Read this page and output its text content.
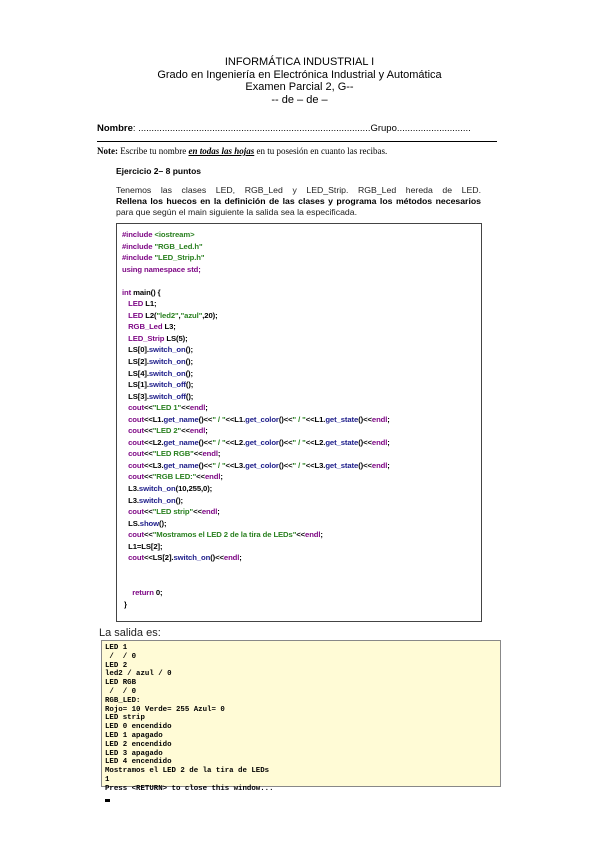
INFORMÁTICA INDUSTRIAL I
Grado en Ingeniería en Electrónica Industrial y Automática
Examen Parcial 2, G--
-- de – de –
Nombre: ........................................................................................Grupo............................
Note: Escribe tu nombre en todas las hojas en tu posesión en cuanto las recibas.
Ejercicio 2– 8 puntos
Tenemos las clases LED, RGB_Led y LED_Strip. RGB_Led hereda de LED.
Rellena los huecos en la definición de las clases y programa los métodos necesarios
para que según el main siguiente la salida sea la especificada.
#include <iostream>
#include "RGB_Led.h"
#include "LED_Strip.h"
using namespace std;

int main() {
LED L1;
LED L2("led2","azul",20);
RGB_Led L3;
LED_Strip LS(5);
LS[0].switch_on();
LS[2].switch_on();
LS[4].switch_on();
LS[1].switch_off();
LS[3].switch_off();
cout<<"LED 1"<<endl;
cout<<L1.get_name()<<" / "<<L1.get_color()<<" / "<<L1.get_state()<<endl;
cout<<"LED 2"<<endl;
cout<<L2.get_name()<<" / "<<L2.get_color()<<" / "<<L2.get_state()<<endl;
cout<<"LED RGB"<<endl;
cout<<L3.get_name()<<" / "<<L3.get_color()<<" / "<<L3.get_state()<<endl;
cout<<"RGB LED:"<<endl;
L3.switch_on(10,255,0);
L3.switch_on();
cout<<"LED strip"<<endl;
LS.show();
cout<<"Mostramos el LED 2 de la tira de LEDs"<<endl;
L1=LS[2];
cout<<LS[2].switch_on()<<endl;

return 0;
}
La salida es:
LED 1
/  / 0
LED 2
led2 / azul / 0
LED RGB
/  / 0
RGB_LED:
Rojo= 10 Verde= 255 Azul= 0
LED strip
LED 0 encendido
LED 1 apagado
LED 2 encendido
LED 3 apagado
LED 4 encendido
Mostramos el LED 2 de la tira de LEDs
1
Press <RETURN> to close this window...
